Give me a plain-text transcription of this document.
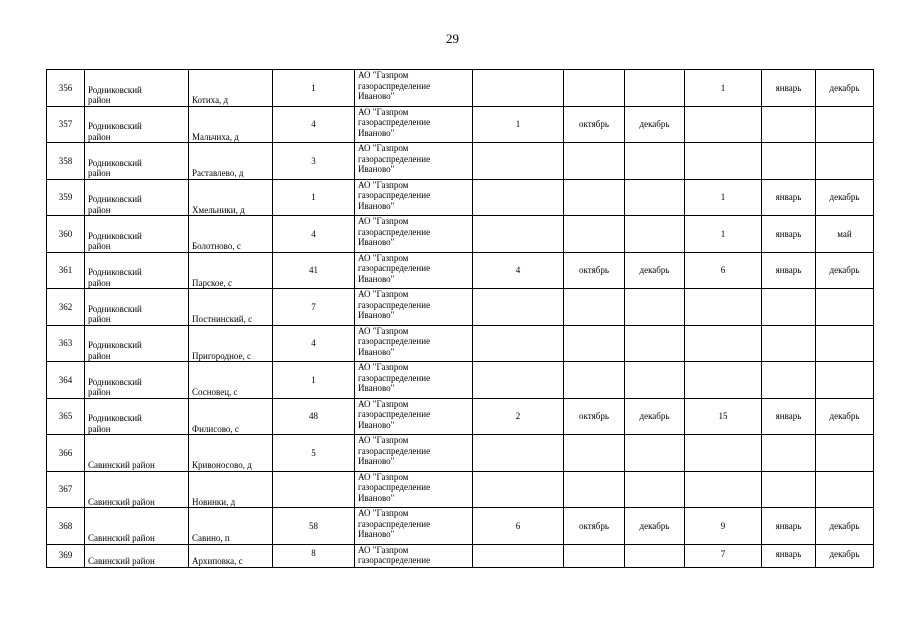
29
356	Родниковский
район	Котиха, д	1	АО "Газпром
газораспределение
Иваново"				1	январь	декабрь
357	Родниковский
район	Мальчиха, д	4	АО "Газпром
газораспределение
Иваново"	1	октябрь	декабрь			
358	Родниковский
район	Раставлево, д	3	АО "Газпром
газораспределение
Иваново"						

359	Родниковский
район	Хмельники, д	1	АО "Газпром
газораспределение
Иваново"				1	январь	декабрь
360	Родниковский
район	Болотново, с	4	АО "Газпром
газораспределение
Иваново"				1	январь	май
361	Родниковский
район	Парское, с	41	АО "Газпром
газораспределение
Иваново"	4	октябрь	декабрь	6	январь	декабрь
362	Родниковский
район	Постнинский, с	7	АО "Газпром
газораспределение
Иваново"						

363	Родниковский
район	Пригородное, с	4	АО "Газпром
газораспределение
Иваново"						

364	Родниковский
район	Сосновец, с	1	АО "Газпром
газораспределение
Иваново"						

365	Родниковский
район	Филисово, с	48	АО "Газпром
газораспределение
Иваново"	2	октябрь	декабрь	15	январь	декабрь
366	Савинский район	Кривоносово, д	5	АО "Газпром
газораспределение
Иваново"						

367	Савинский район	Новинки, д		АО "Газпром
газораспределение
Иваново"						

368	Савинский район	Савино, п	58	АО "Газпром
газораспределение
Иваново"	6	октябрь	декабрь	9	январь	декабрь
369	Савинский район	Архиповка, с	8	АО "Газпром
газораспределение				7	январь	декабрь
